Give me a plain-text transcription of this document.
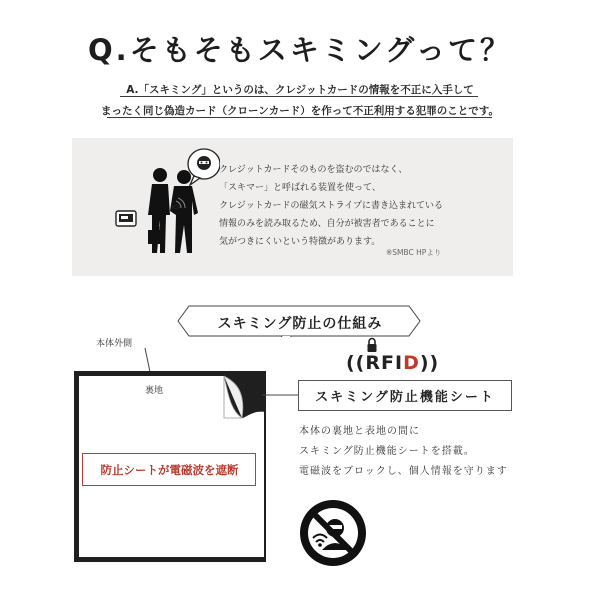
Q.そもそもスキミングって？
A.「スキミング」というのは、クレジットカードの情報を不正に入手して
まったく同じ偽造カード（クローンカード）を作って不正利用する犯罪のことです。
クレジットカードそのものを盗むのではなく、
「スキマー」と呼ばれる装置を使って、
クレジットカードの磁気ストライプに書き込まれている
情報のみを読み取るため、自分が被害者であることに
気がつきにくいという特徴があります。
※SMBC HPより
スキミング防止の仕組み
本体外側
裏地
防止シートが電磁波を遮断
((RFID))
スキミング防止機能シート
本体の裏地と表地の間に
スキミング防止機能シートを搭載。
電磁波をブロックし、個人情報を守ります
